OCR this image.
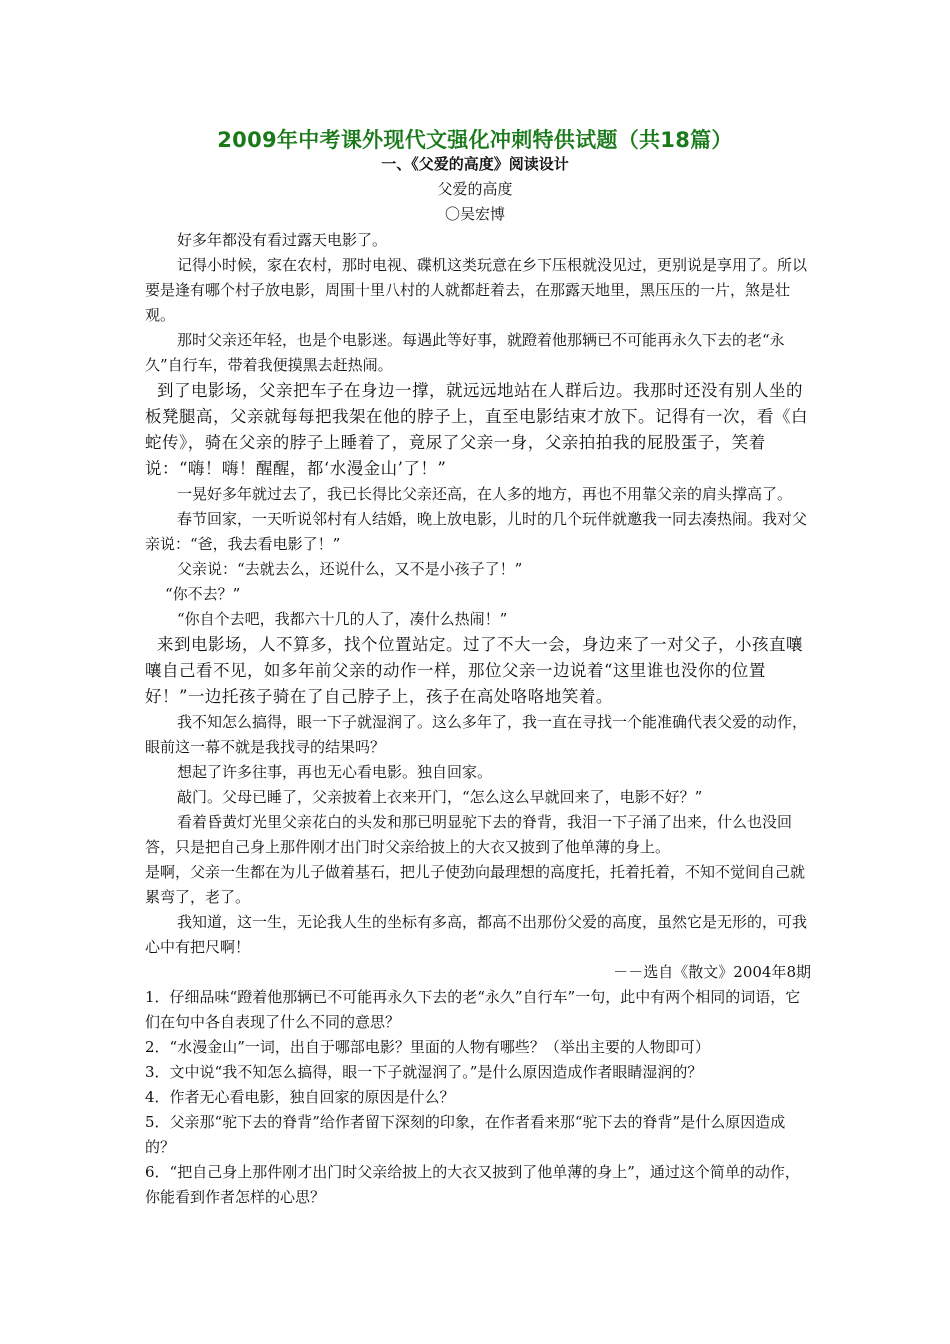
2009年中考课外现代文强化冲刺特供试题（共18篇）
一、《父爱的高度》阅读设计
父爱的高度
〇吴宏博

好多年都没有看过露天电影了。

记得小时候，家在农村，那时电视、碟机这类玩意在乡下压根就没见过，更别说是享用了。所以要是逢有哪个村子放电影，周围十里八村的人就都赶着去，在那露天地里，黑压压的一片，煞是壮观。

那时父亲还年轻，也是个电影迷。每遇此等好事，就蹬着他那辆已不可能再永久下去的老“永久”自行车，带着我便摸黑去赶热闹。

到了电影场，父亲把车子在身边一撑，就远远地站在人群后边。我那时还没有别人坐的板凳腿高，父亲就每每把我架在他的脖子上，直至电影结束才放下。记得有一次，看《白蛇传》，骑在父亲的脖子上睡着了，竟尿了父亲一身，父亲拍拍我的屁股蛋子，笑着说：“嗨！嗨！醒醒，都‘水漫金山’了！”

一晃好多年就过去了，我已长得比父亲还高，在人多的地方，再也不用靠父亲的肩头撑高了。

春节回家，一天听说邻村有人结婚，晚上放电影，儿时的几个玩伴就邀我一同去凑热闹。我对父亲说：“爸，我去看电影了！”

父亲说：“去就去么，还说什么，又不是小孩子了！”

“你不去？”

“你自个去吧，我都六十几的人了，凑什么热闹！”

来到电影场，人不算多，找个位置站定。过了不大一会，身边来了一对父子，小孩直嚷嚷自己看不见，如多年前父亲的动作一样，那位父亲一边说着“这里谁也没你的位置好！”一边托孩子骑在了自己脖子上，孩子在高处咯咯地笑着。

我不知怎么搞得，眼一下子就湿润了。这么多年了，我一直在寻找一个能准确代表父爱的动作，眼前这一幕不就是我找寻的结果吗？

想起了许多往事，再也无心看电影。独自回家。

敲门。父母已睡了，父亲披着上衣来开门，“怎么这么早就回来了，电影不好？”

看着昏黄灯光里父亲花白的头发和那已明显驼下去的脊背，我泪一下子涌了出来，什么也没回答，只是把自己身上那件刚才出门时父亲给披上的大衣又披到了他单薄的身上。

是啊，父亲一生都在为儿子做着基石，把儿子使劲向最理想的高度托，托着托着，不知不觉间自己就累弯了，老了。

我知道，这一生，无论我人生的坐标有多高，都高不出那份父爱的高度，虽然它是无形的，可我心中有把尺啊！

－－选自《散文》2004年8期

1．仔细品味“蹬着他那辆已不可能再永久下去的老“永久”自行车”一句，此中有两个相同的词语，它们在句中各自表现了什么不同的意思？

2．“水漫金山”一词，出自于哪部电影？里面的人物有哪些？（举出主要的人物即可）

3．文中说“我不知怎么搞得，眼一下子就湿润了。”是什么原因造成作者眼睛湿润的？

4．作者无心看电影，独自回家的原因是什么？

5．父亲那“驼下去的脊背”给作者留下深刻的印象，在作者看来那“驼下去的脊背”是什么原因造成的？

6．“把自己身上那件刚才出门时父亲给披上的大衣又披到了他单薄的身上”，通过这个简单的动作，你能看到作者怎样的心思？
